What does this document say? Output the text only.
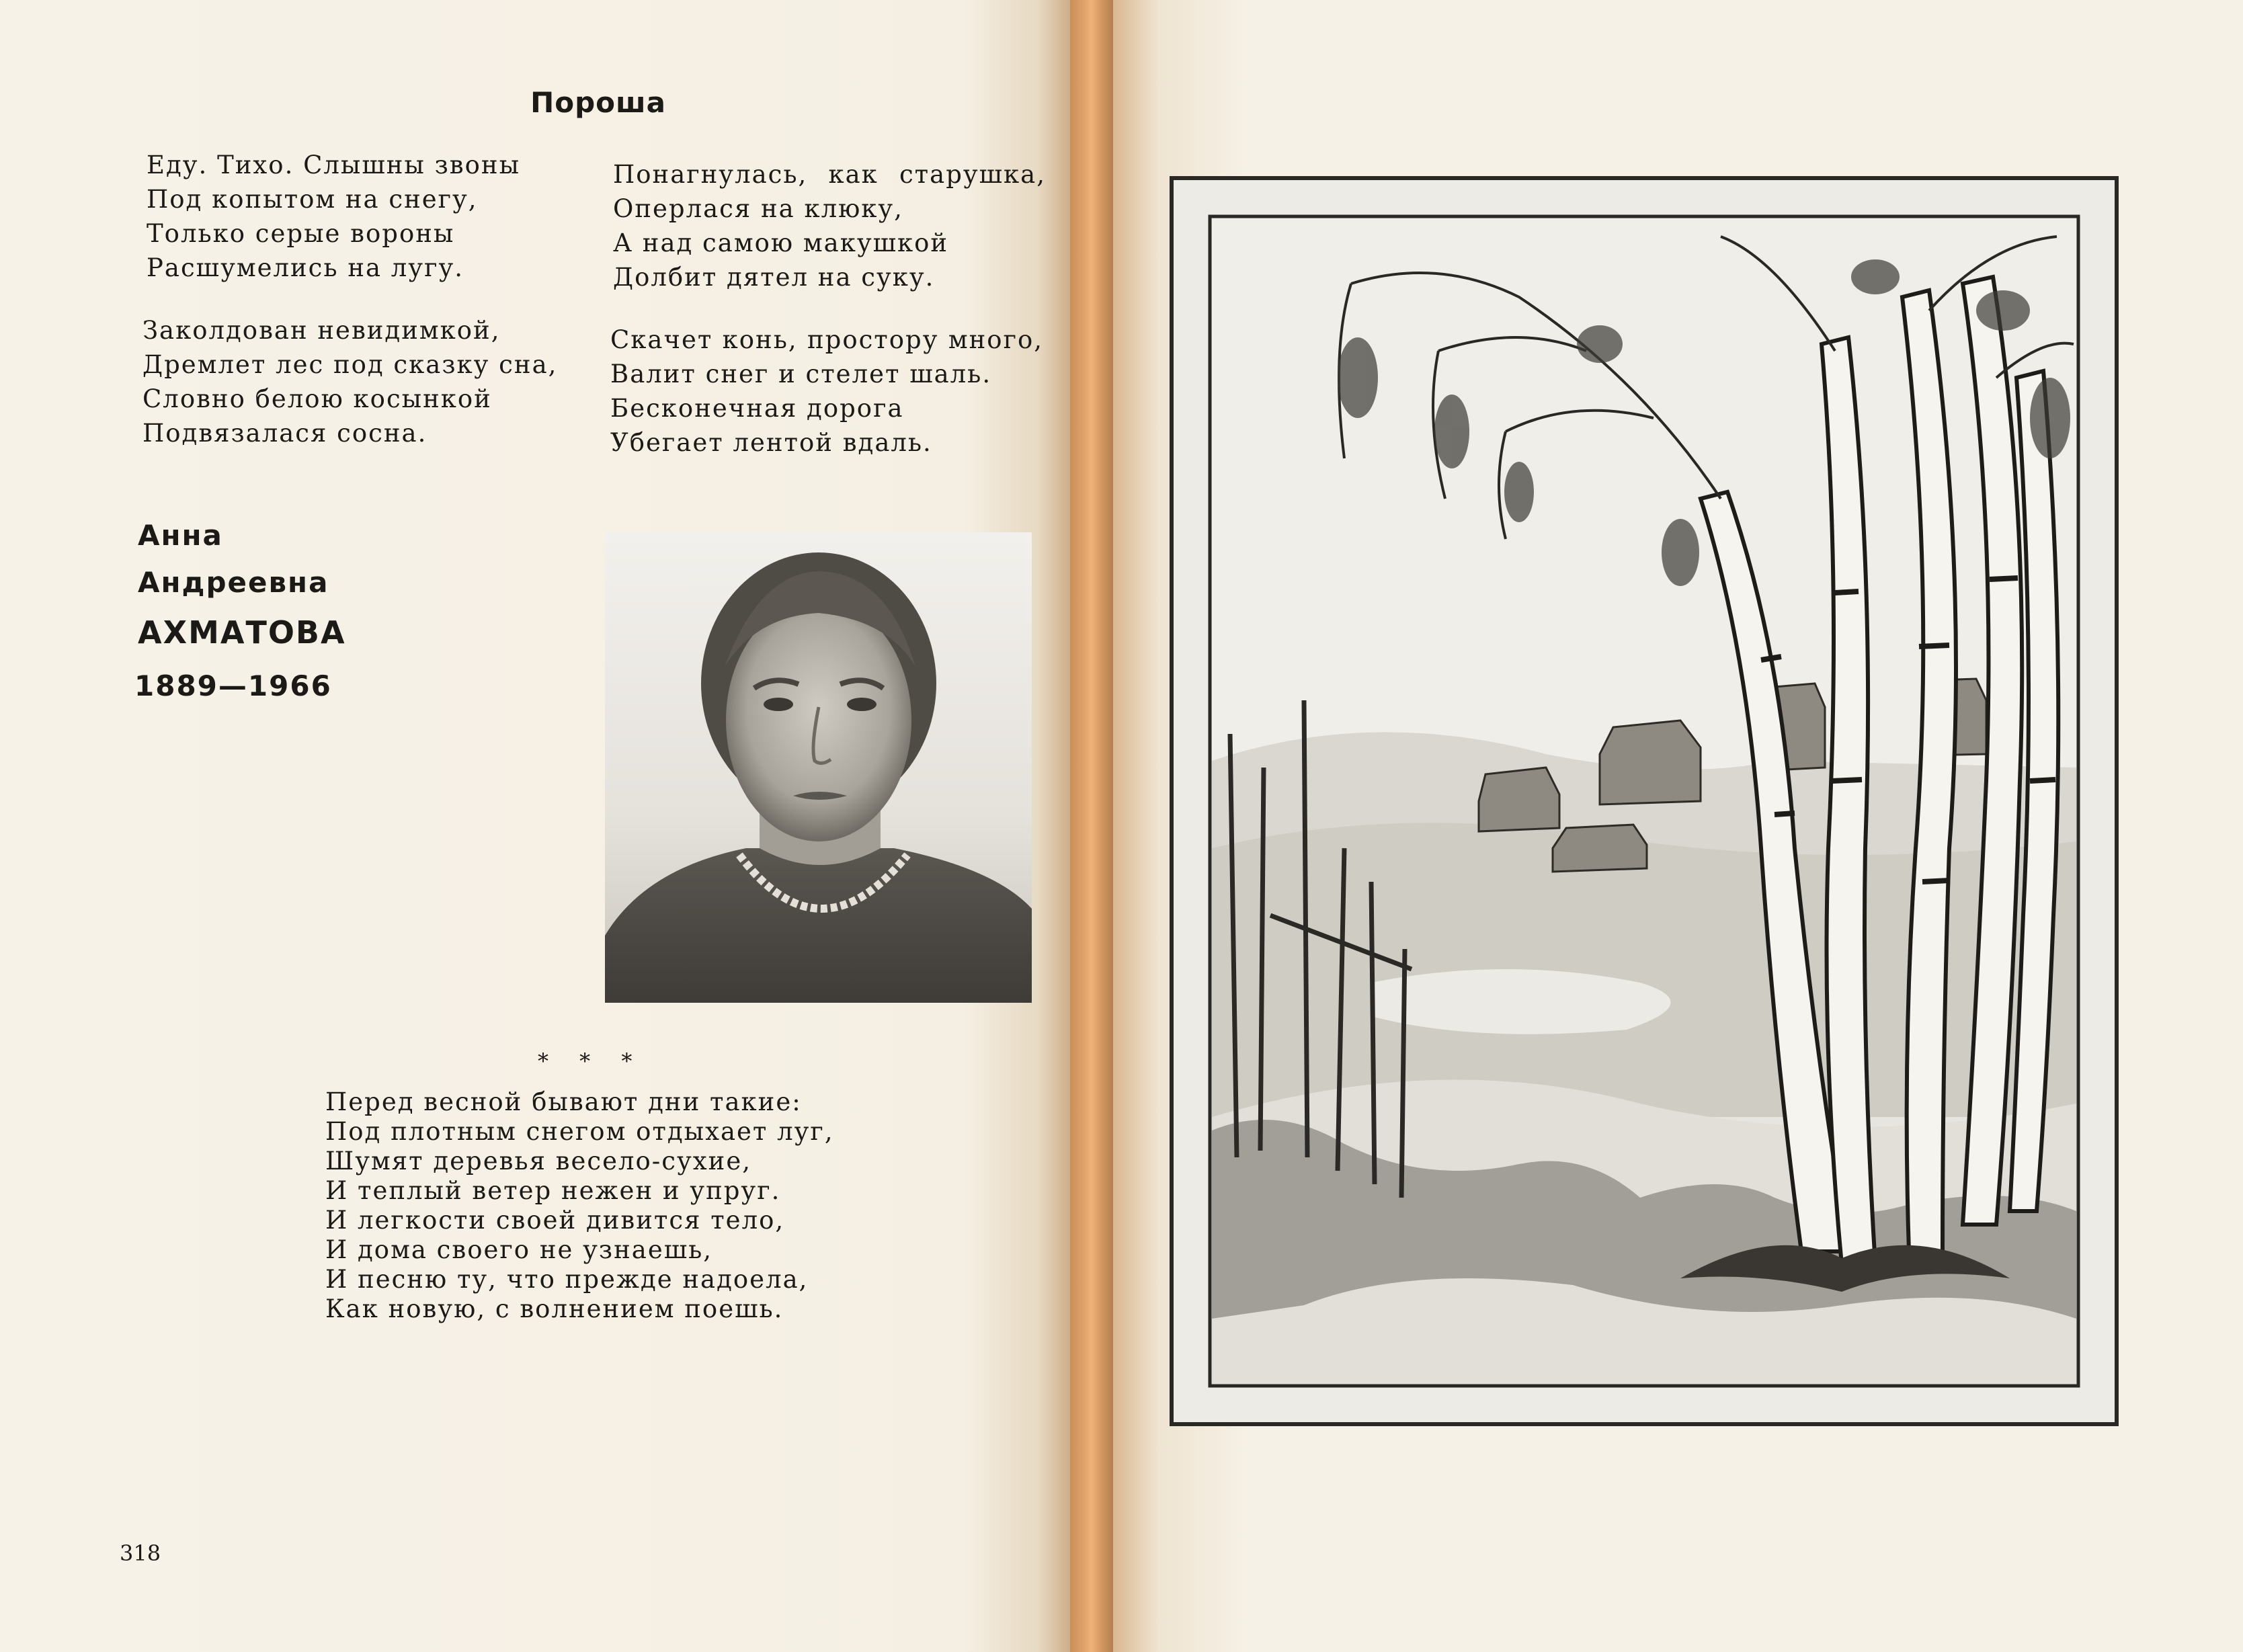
Пороша
Еду. Тихо. Слышны звоны
Под копытом на снегу,
Только серые вороны
Расшумелись на лугу.
Заколдован невидимкой,
Дремлет лес под сказку сна,
Словно белою косынкой
Подвязалася сосна.
Понагнулась, как старушка,
Оперлася на клюку,
А над самою макушкой
Долбит дятел на суку.
Скачет конь, простору много,
Валит снег и стелет шаль.
Бесконечная дорога
Убегает лентой вдаль.
Анна
Андреевна
АХМАТОВА
1889—1966
* * *
Перед весной бывают дни такие:
Под плотным снегом отдыхает луг,
Шумят деревья весело-сухие,
И теплый ветер нежен и упруг.
И легкости своей дивится тело,
И дома своего не узнаешь,
И песню ту, что прежде надоела,
Как новую, с волнением поешь.
318
